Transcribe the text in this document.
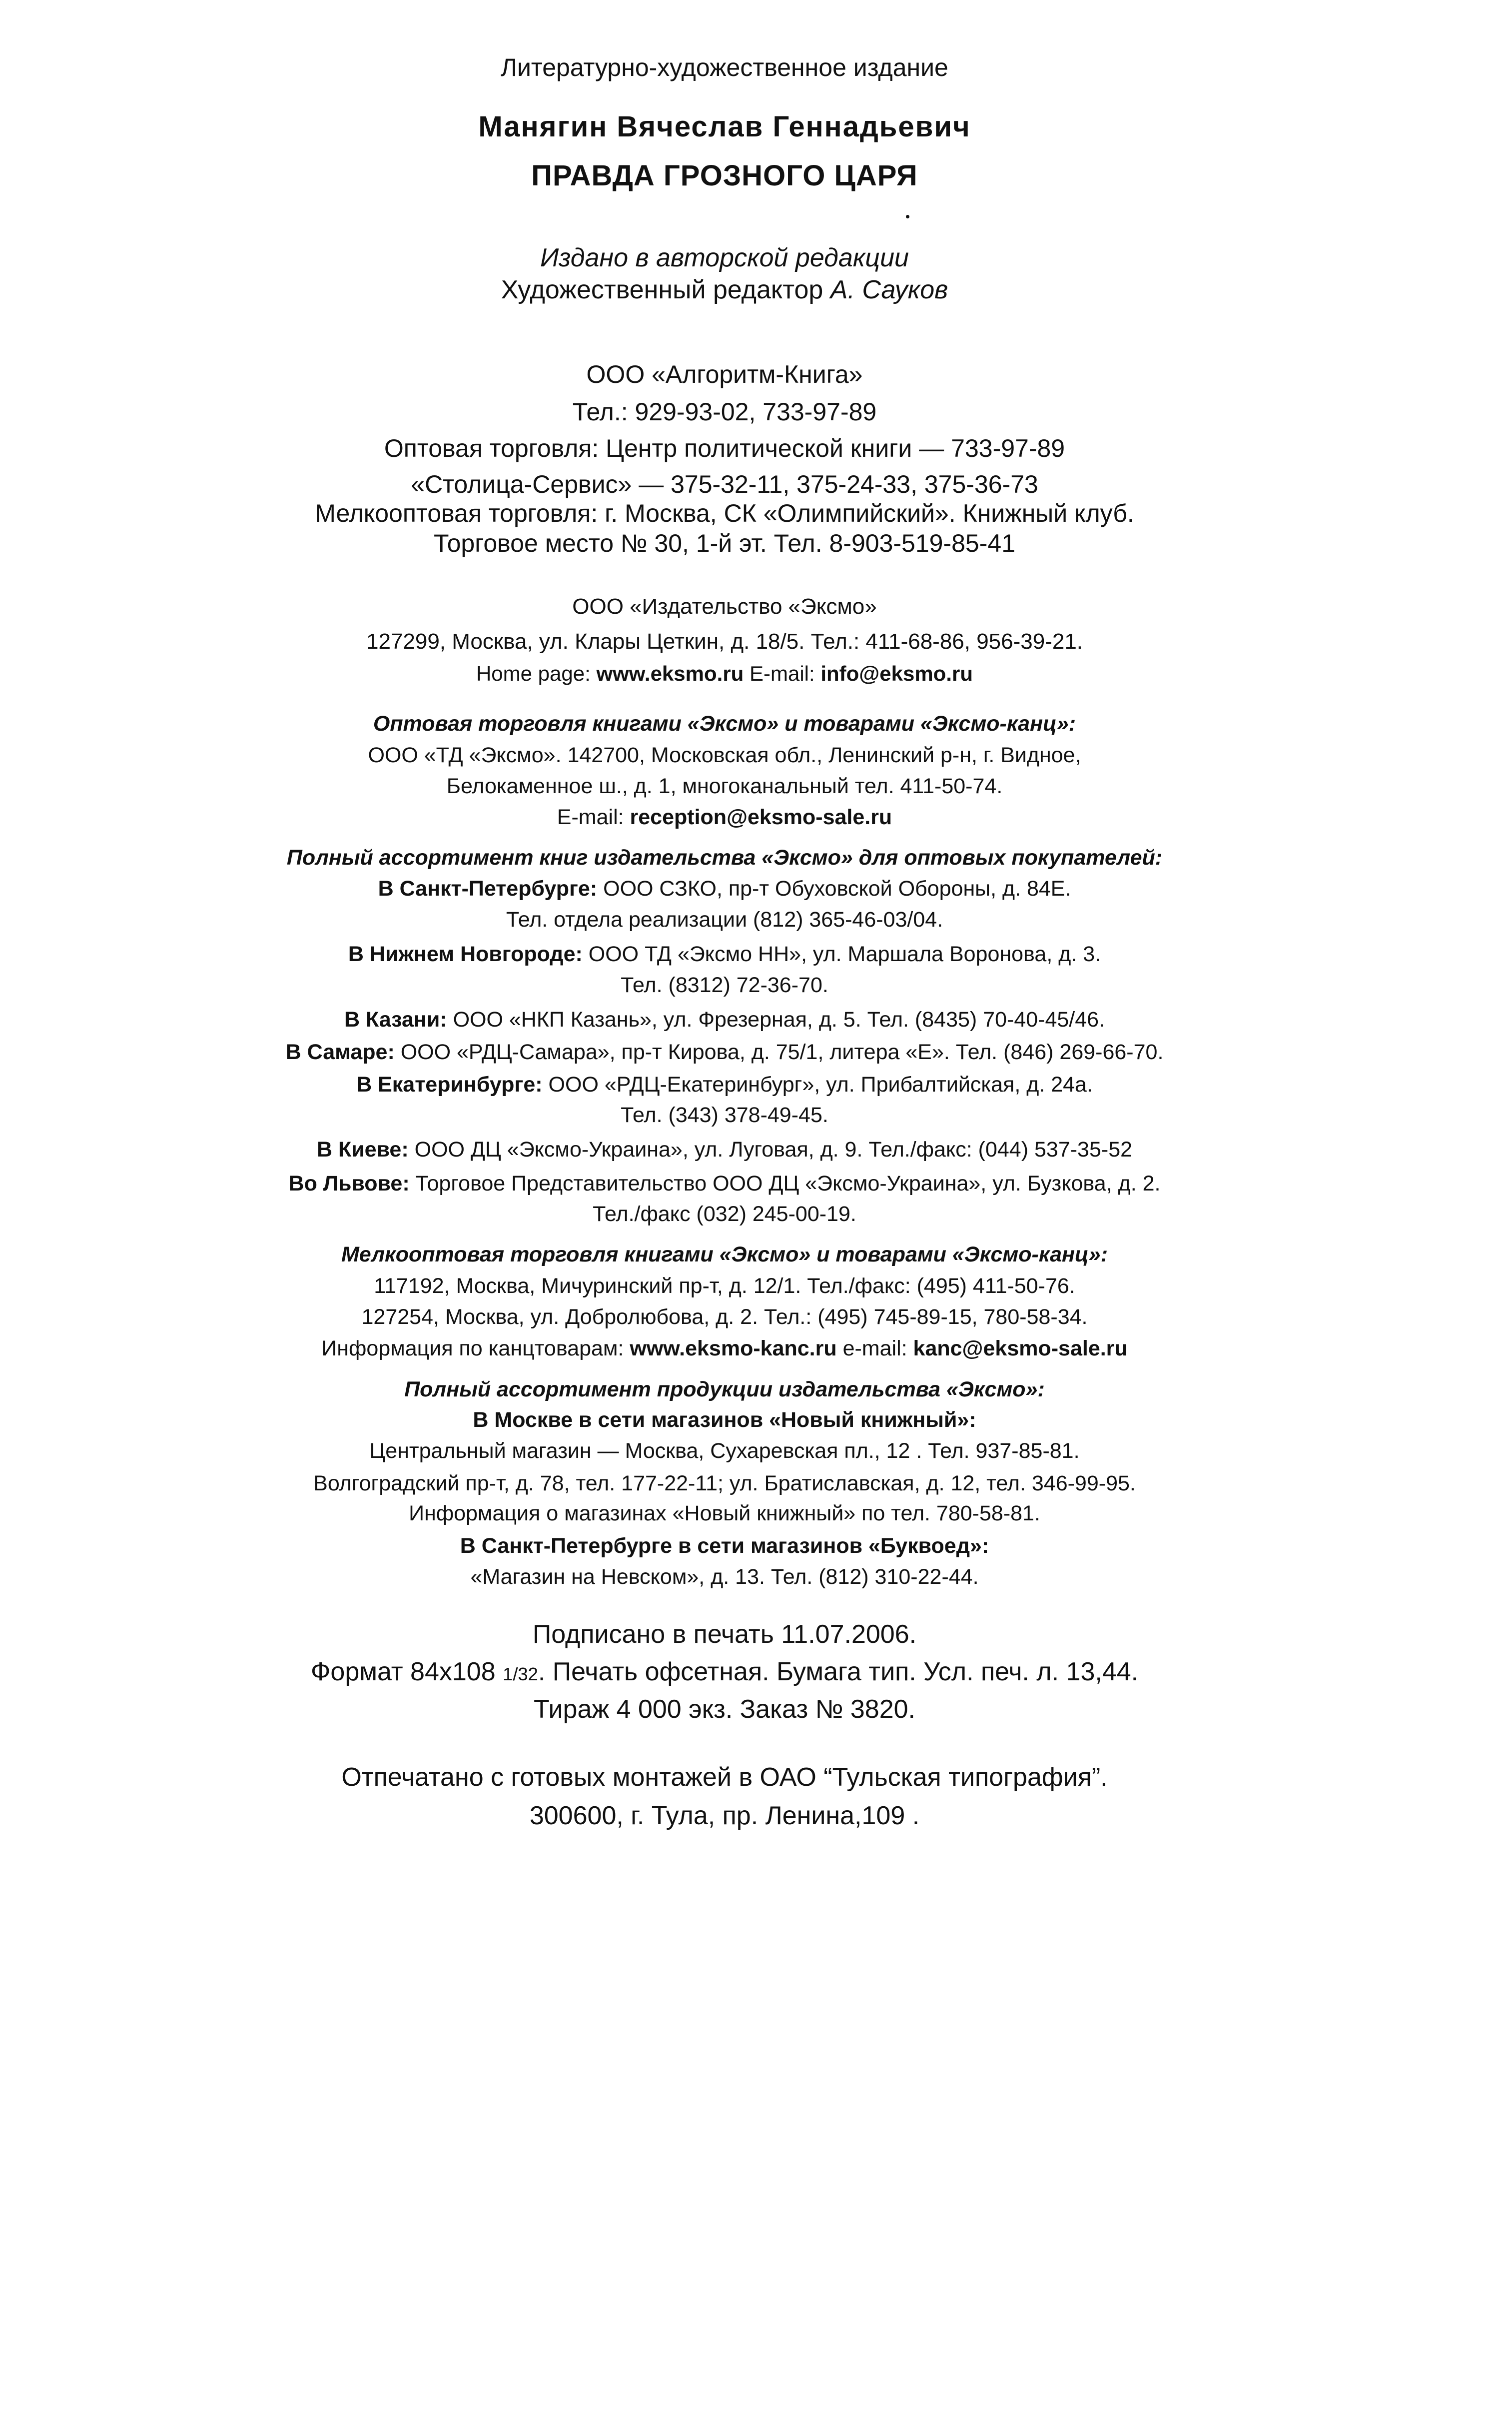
Литературно-художественное издание
Манягин Вячеслав Геннадьевич
ПРАВДА ГРОЗНОГО ЦАРЯ
Издано в авторской редакции
Художественный редактор А. Сауков
ООО «Алгоритм-Книга»
Тел.: 929-93-02, 733-97-89
Оптовая торговля: Центр политической книги — 733-97-89
«Столица-Сервис» — 375-32-11, 375-24-33, 375-36-73
Мелкооптовая торговля: г. Москва, СК «Олимпийский». Книжный клуб.
Торговое место № 30, 1-й эт. Тел. 8-903-519-85-41
ООО «Издательство «Эксмо»
127299, Москва, ул. Клары Цеткин, д. 18/5. Тел.: 411-68-86, 956-39-21.
Home page: www.eksmo.ru E-mail: info@eksmo.ru
Оптовая торговля книгами «Эксмо» и товарами «Эксмо-канц»:
ООО «ТД «Эксмо». 142700, Московская обл., Ленинский р-н, г. Видное,
Белокаменное ш., д. 1, многоканальный тел. 411-50-74.
E-mail: reception@eksmo-sale.ru
Полный ассортимент книг издательства «Эксмо» для оптовых покупателей:
В Санкт-Петербурге: ООО СЗКО, пр-т Обуховской Обороны, д. 84Е.
Тел. отдела реализации (812) 365-46-03/04.
В Нижнем Новгороде: ООО ТД «Эксмо НН», ул. Маршала Воронова, д. 3.
Тел. (8312) 72-36-70.
В Казани: ООО «НКП Казань», ул. Фрезерная, д. 5. Тел. (8435) 70-40-45/46.
В Самаре: ООО «РДЦ-Самара», пр-т Кирова, д. 75/1, литера «Е». Тел. (846) 269-66-70.
В Екатеринбурге: ООО «РДЦ-Екатеринбург», ул. Прибалтийская, д. 24а.
Тел. (343) 378-49-45.
В Киеве: ООО ДЦ «Эксмо-Украина», ул. Луговая, д. 9. Тел./факс: (044) 537-35-52
Во Львове: Торговое Представительство ООО ДЦ «Эксмо-Украина», ул. Бузкова, д. 2.
Тел./факс (032) 245-00-19.
Мелкооптовая торговля книгами «Эксмо» и товарами «Эксмо-канц»:
117192, Москва, Мичуринский пр-т, д. 12/1. Тел./факс: (495) 411-50-76.
127254, Москва, ул. Добролюбова, д. 2. Тел.: (495) 745-89-15, 780-58-34.
Информация по канцтоварам: www.eksmo-kanc.ru e-mail: kanc@eksmo-sale.ru
Полный ассортимент продукции издательства «Эксмо»:
В Москве в сети магазинов «Новый книжный»:
Центральный магазин — Москва, Сухаревская пл., 12 . Тел. 937-85-81.
Волгоградский пр-т, д. 78, тел. 177-22-11; ул. Братиславская, д. 12, тел. 346-99-95.
Информация о магазинах «Новый книжный» по тел. 780-58-81.
В Санкт-Петербурге в сети магазинов «Буквоед»:
«Магазин на Невском», д. 13. Тел. (812) 310-22-44.
Подписано в печать 11.07.2006.
Формат 84х108 1/32. Печать офсетная. Бумага тип. Усл. печ. л. 13,44.
Тираж 4 000 экз. Заказ № 3820.
Отпечатано с готовых монтажей в ОАО “Тульская типография”.
300600, г. Тула, пр. Ленина,109 .
